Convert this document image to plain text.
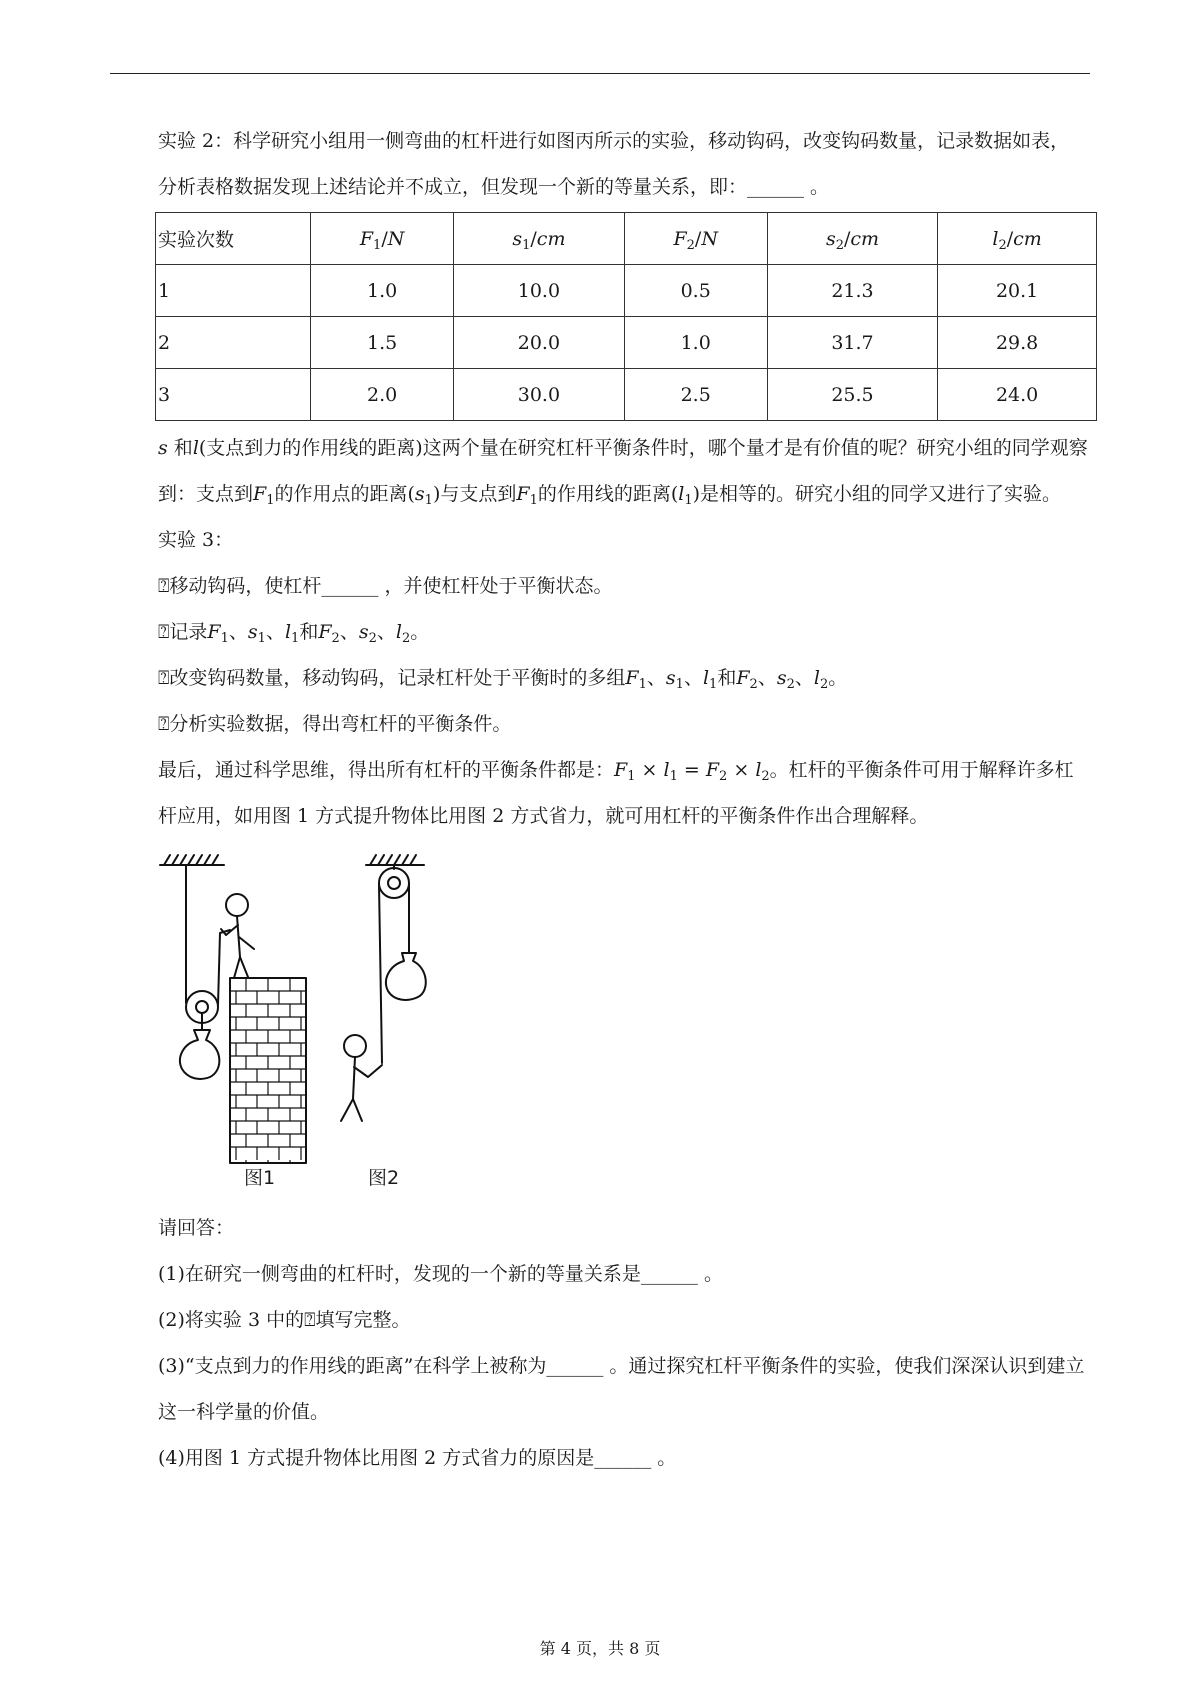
实验 2：科学研究小组用一侧弯曲的杠杆进行如图丙所示的实验，移动钩码，改变钩码数量，记录数据如表，分析表格数据发现上述结论并不成立，但发现一个新的等量关系，即：______ 。

实验次数	$F_1/N$	$s_1/cm$	$F_2/N$	$s_2/cm$	$l_2/cm$
1	1.0	10.0	0.5	21.3	20.1
2	1.5	20.0	1.0	31.7	29.8
3	2.0	30.0	2.5	25.5	24.0

s 和l(支点到力的作用线的距离)这两个量在研究杠杆平衡条件时，哪个量才是有价值的呢？研究小组的同学观察到：支点到$F_1$的作用点的距离$(s_1)$与支点到$F_1$的作用线的距离$(l_1)$是相等的。研究小组的同学又进行了实验。

实验 3：

⍰移动钩码，使杠杆______ ，并使杠杆处于平衡状态。

⍰记录$F_1$、$s_1$、$l_1$和$F_2$、$s_2$、$l_2$。

⍰改变钩码数量，移动钩码，记录杠杆处于平衡时的多组$F_1$、$s_1$、$l_1$和$F_2$、$s_2$、$l_2$。

⍰分析实验数据，得出弯杠杆的平衡条件。

最后，通过科学思维，得出所有杠杆的平衡条件都是：$F_1 \times l_1 = F_2 \times l_2$。杠杆的平衡条件可用于解释许多杠杆应用，如用图 1 方式提升物体比用图 2 方式省力，就可用杠杆的平衡条件作出合理解释。

图1	图2

请回答：

(1)在研究一侧弯曲的杠杆时，发现的一个新的等量关系是______ 。

(2)将实验 3 中的⍰填写完整。

(3)“支点到力的作用线的距离”在科学上被称为______ 。通过探究杠杆平衡条件的实验，使我们深深认识到建立这一科学量的价值。

(4)用图 1 方式提升物体比用图 2 方式省力的原因是______ 。

第 4 页，共 8 页
